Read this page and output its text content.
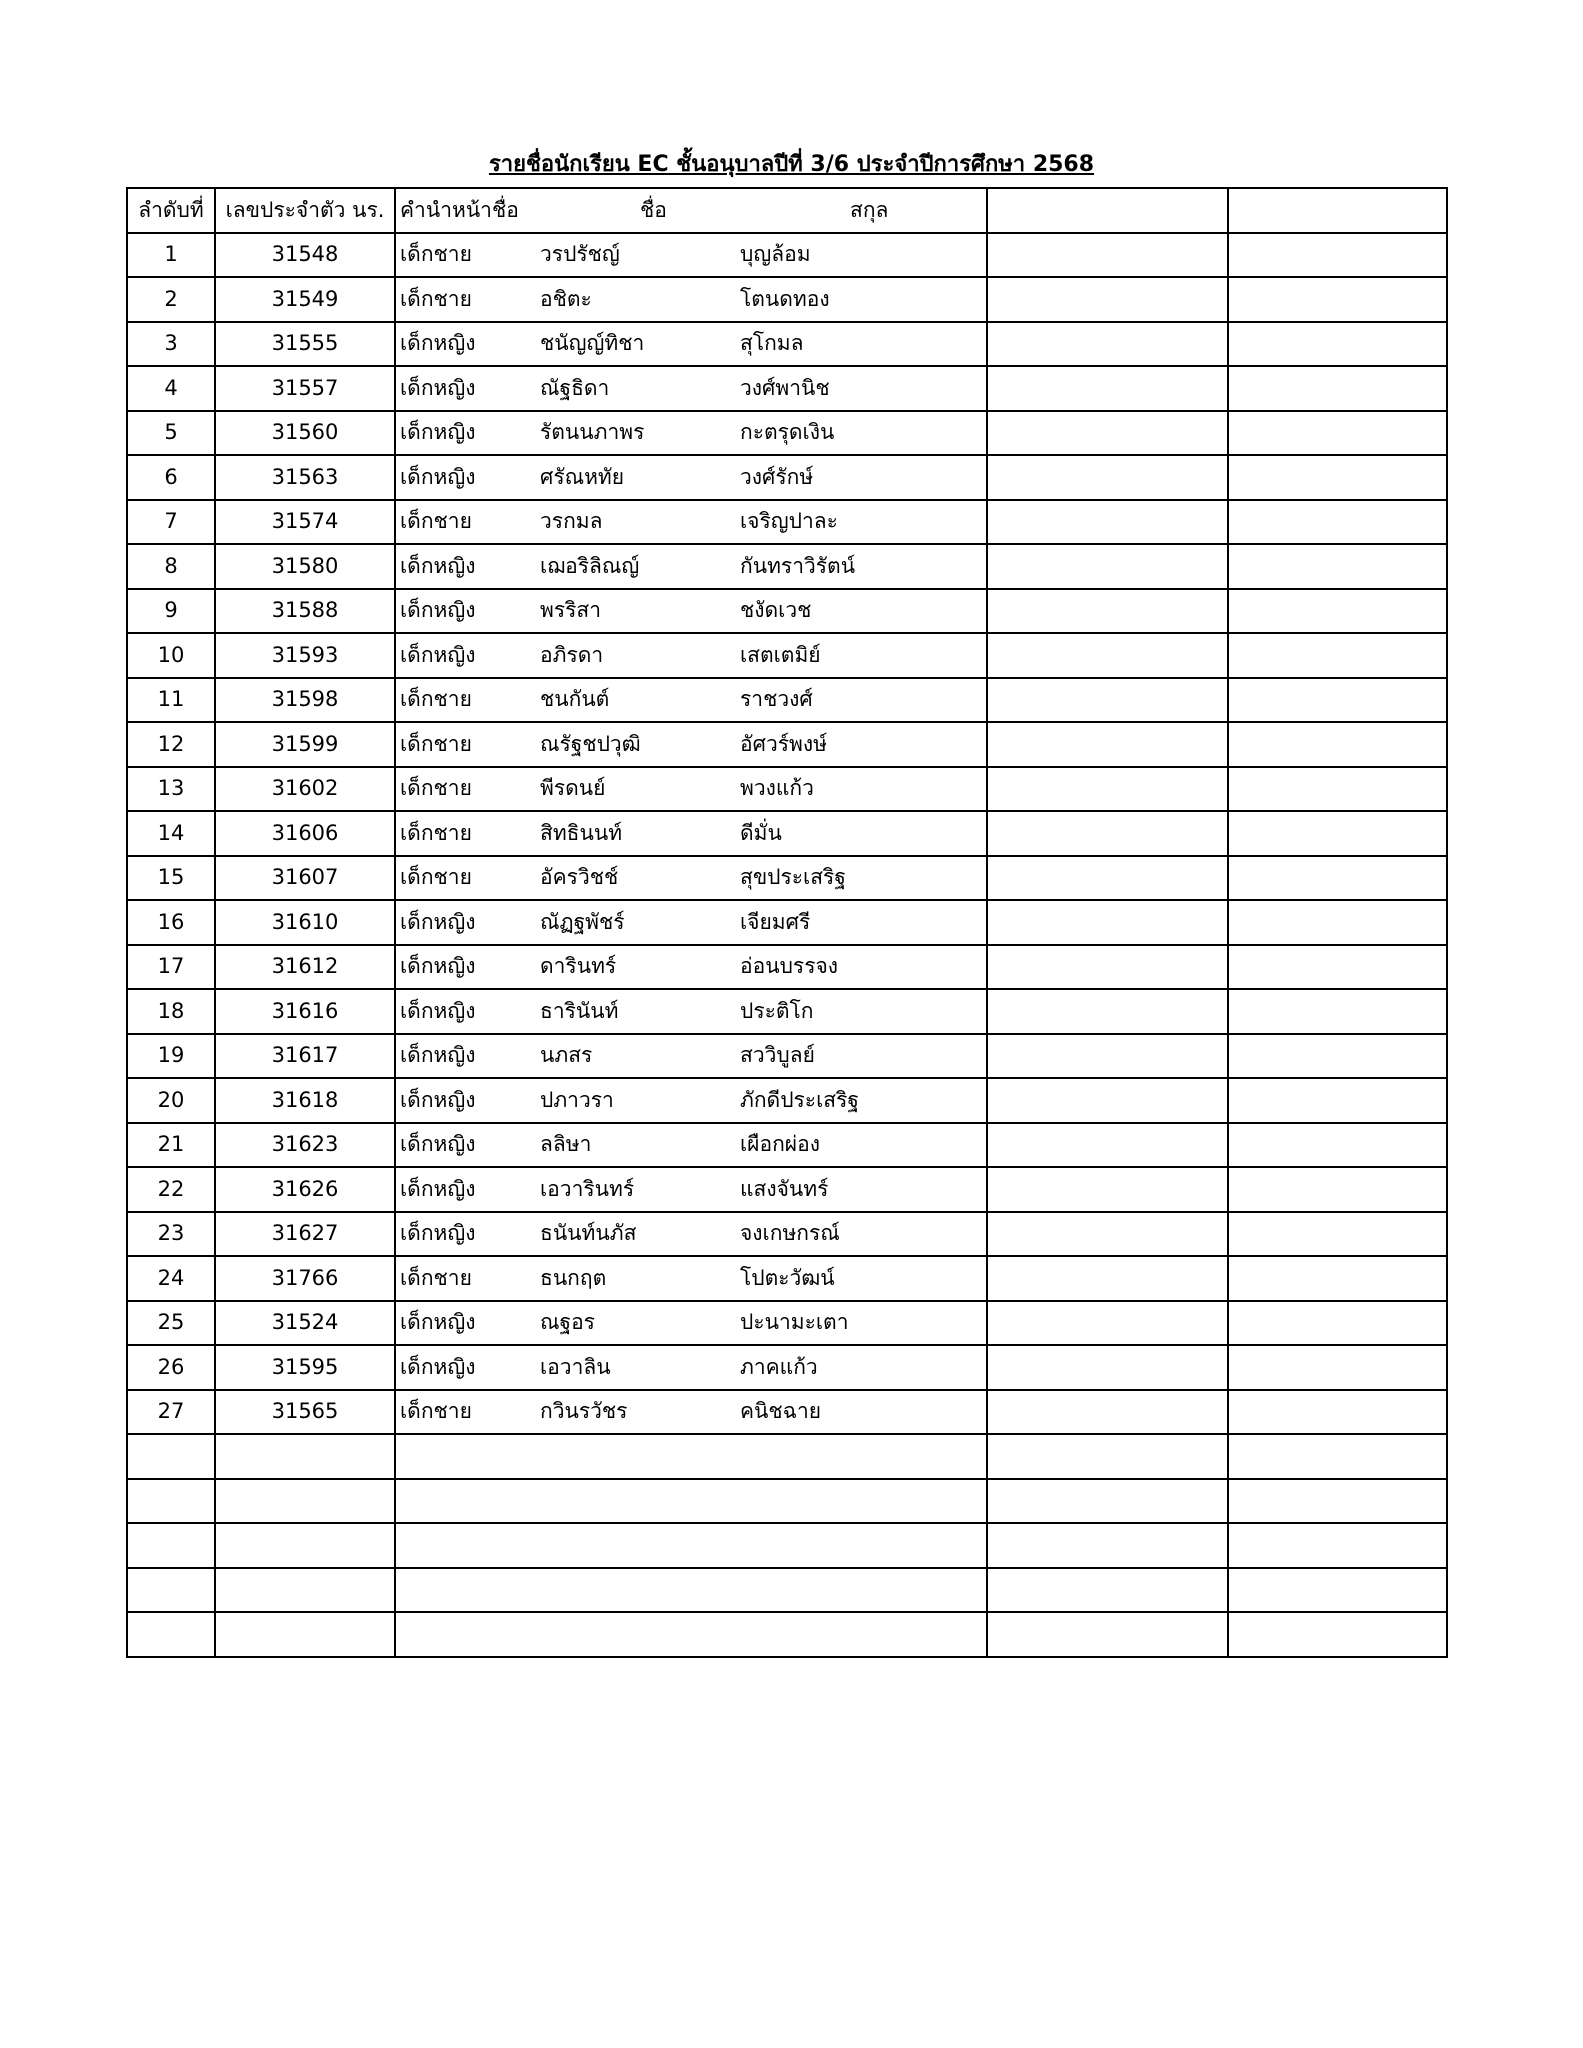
รายชื่อนักเรียน EC ชั้นอนุบาลปีที่ 3/6 ประจำปีการศึกษา 2568
ลำดับที่	เลขประจำตัว นร.	คำนำหน้าชื่อ ชื่อ สกุล		

1	31548	เด็กชาย วรปรัชญ์ บุญล้อม		

2	31549	เด็กชาย อชิตะ โตนดทอง		

3	31555	เด็กหญิง ชนัญญ์ทิชา สุโกมล		

4	31557	เด็กหญิง ณัฐธิดา วงศ์พานิช		

5	31560	เด็กหญิง รัตนนภาพร กะตรุดเงิน		

6	31563	เด็กหญิง ศรัณหทัย วงศ์รักษ์		

7	31574	เด็กชาย วรกมล เจริญปาละ		

8	31580	เด็กหญิง เฌอริลิณญ์ กันทราวิรัตน์		

9	31588	เด็กหญิง พรริสา ชงัดเวช		

10	31593	เด็กหญิง อภิรดา เสตเตมิย์		

11	31598	เด็กชาย ชนกันต์ ราชวงศ์		

12	31599	เด็กชาย ณรัฐชปวุฒิ อัศวร์พงษ์		

13	31602	เด็กชาย พีรดนย์ พวงแก้ว		

14	31606	เด็กชาย สิทธินนท์ ดีมั่น		

15	31607	เด็กชาย อัครวิชช์ สุขประเสริฐ		

16	31610	เด็กหญิง ณัฏฐพัชร์ เจียมศรี		

17	31612	เด็กหญิง ดารินทร์ อ่อนบรรจง		

18	31616	เด็กหญิง ธารินันท์ ประติโก		

19	31617	เด็กหญิง นภสร สววิบูลย์		

20	31618	เด็กหญิง ปภาวรา ภักดีประเสริฐ		

21	31623	เด็กหญิง ลลิษา เผือกผ่อง		

22	31626	เด็กหญิง เอวารินทร์ แสงจันทร์		

23	31627	เด็กหญิง ธนันท์นภัส จงเกษกรณ์		

24	31766	เด็กชาย ธนกฤต โปตะวัฒน์		

25	31524	เด็กหญิง ณฐอร ปะนามะเตา		

26	31595	เด็กหญิง เอวาลิน ภาคแก้ว		

27	31565	เด็กชาย กวินรวัชร คนิชฉาย		
